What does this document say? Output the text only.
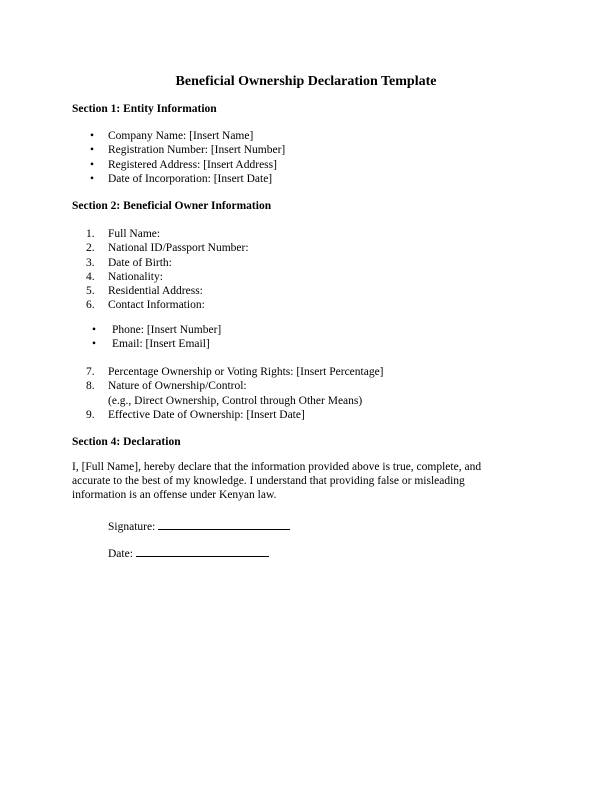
Beneficial Ownership Declaration Template
Section 1: Entity Information
• Company Name: [Insert Name]
• Registration Number: [Insert Number]
• Registered Address: [Insert Address]
• Date of Incorporation: [Insert Date]
Section 2: Beneficial Owner Information
1.	Full Name:
2.	National ID/Passport Number:
3.	Date of Birth:
4.	Nationality:
5.	Residential Address:
6.	Contact Information:
• Phone: [Insert Number]
• Email: [Insert Email]
7.	Percentage Ownership or Voting Rights: [Insert Percentage]
8.	Nature of Ownership/Control:
(e.g., Direct Ownership, Control through Other Means)
9.	Effective Date of Ownership: [Insert Date]
Section 4: Declaration
I, [Full Name], hereby declare that the information provided above is true, complete, and
accurate to the best of my knowledge. I understand that providing false or misleading
information is an offense under Kenyan law.
Signature:
Date:
